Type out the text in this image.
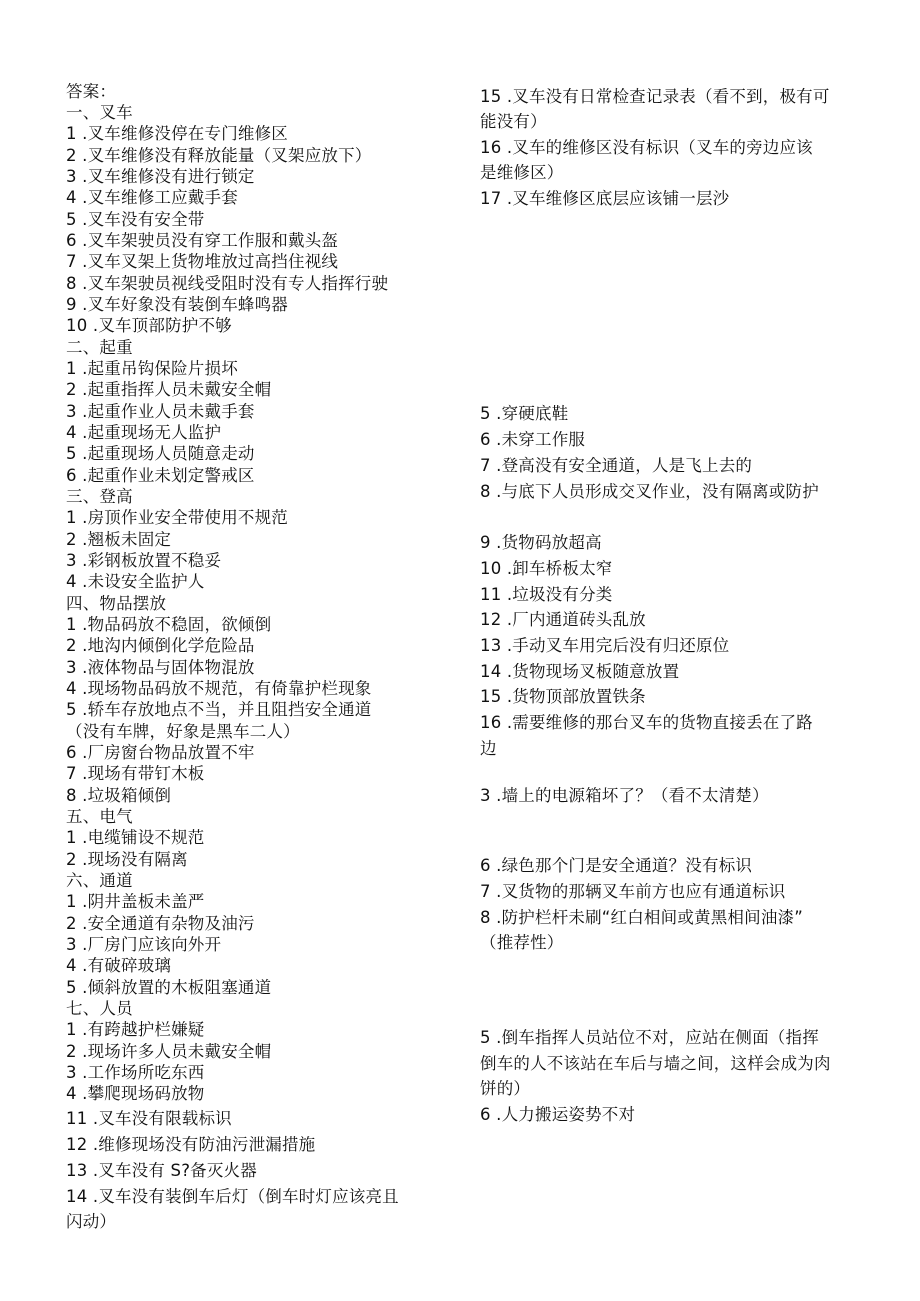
答案：

一、叉车

1 .叉车维修没停在专门维修区

2 .叉车维修没有释放能量（叉架应放下）

3 .叉车维修没有进行锁定

4 .叉车维修工应戴手套

5 .叉车没有安全带

6 .叉车架驶员没有穿工作服和戴头盔

7 .叉车叉架上货物堆放过高挡住视线

8 .叉车架驶员视线受阻时没有专人指挥行驶

9 .叉车好象没有装倒车蜂鸣器

10 .叉车顶部防护不够

二、起重

1 .起重吊钩保险片损坏

2 .起重指挥人员未戴安全帽

3 .起重作业人员未戴手套

4 .起重现场无人监护

5 .起重现场人员随意走动

6 .起重作业未划定警戒区

三、登高

1 .房顶作业安全带使用不规范

2 .翘板未固定

3 .彩钢板放置不稳妥

4 .未设安全监护人

四、物品摆放

1 .物品码放不稳固，欲倾倒

2 .地沟内倾倒化学危险品

3 .液体物品与固体物混放

4 .现场物品码放不规范，有倚靠护栏现象

5 .轿车存放地点不当，并且阻挡安全通道

（没有车牌，好象是黑车二人）

6 .厂房窗台物品放置不牢

7 .现场有带钉木板

8 .垃圾箱倾倒

五、电气

1 .电缆铺设不规范

2 .现场没有隔离

六、通道

1 .阴井盖板未盖严

2 .安全通道有杂物及油污

3 .厂房门应该向外开

4 .有破碎玻璃

5 .倾斜放置的木板阻塞通道

七、人员

1 .有跨越护栏嫌疑

2 .现场许多人员未戴安全帽

3 .工作场所吃东西

4 .攀爬现场码放物

11 .叉车没有限载标识

12 .维修现场没有防油污泄漏措施

13 .叉车没有 S?备灭火器

14 .叉车没有装倒车后灯（倒车时灯应该亮且

闪动）

15 .叉车没有日常检查记录表（看不到，极有可

能没有）

16 .叉车的维修区没有标识（叉车的旁边应该

是维修区）

17 .叉车维修区底层应该铺一层沙

5 .穿硬底鞋

6 .未穿工作服

7 .登高没有安全通道，人是飞上去的

8 .与底下人员形成交叉作业，没有隔离或防护

9 .货物码放超高

10 .卸车桥板太窄

11 .垃圾没有分类

12 .厂内通道砖头乱放

13 .手动叉车用完后没有归还原位

14 .货物现场叉板随意放置

15 .货物顶部放置铁条

16 .需要维修的那台叉车的货物直接丢在了路

边

3 .墙上的电源箱坏了？（看不太清楚）

6 .绿色那个门是安全通道？没有标识

7 .叉货物的那辆叉车前方也应有通道标识

8 .防护栏杆未刷“红白相间或黄黑相间油漆”

（推荐性）

5 .倒车指挥人员站位不对，应站在侧面（指挥

倒车的人不该站在车后与墙之间，这样会成为肉

饼的）

6 .人力搬运姿势不对
